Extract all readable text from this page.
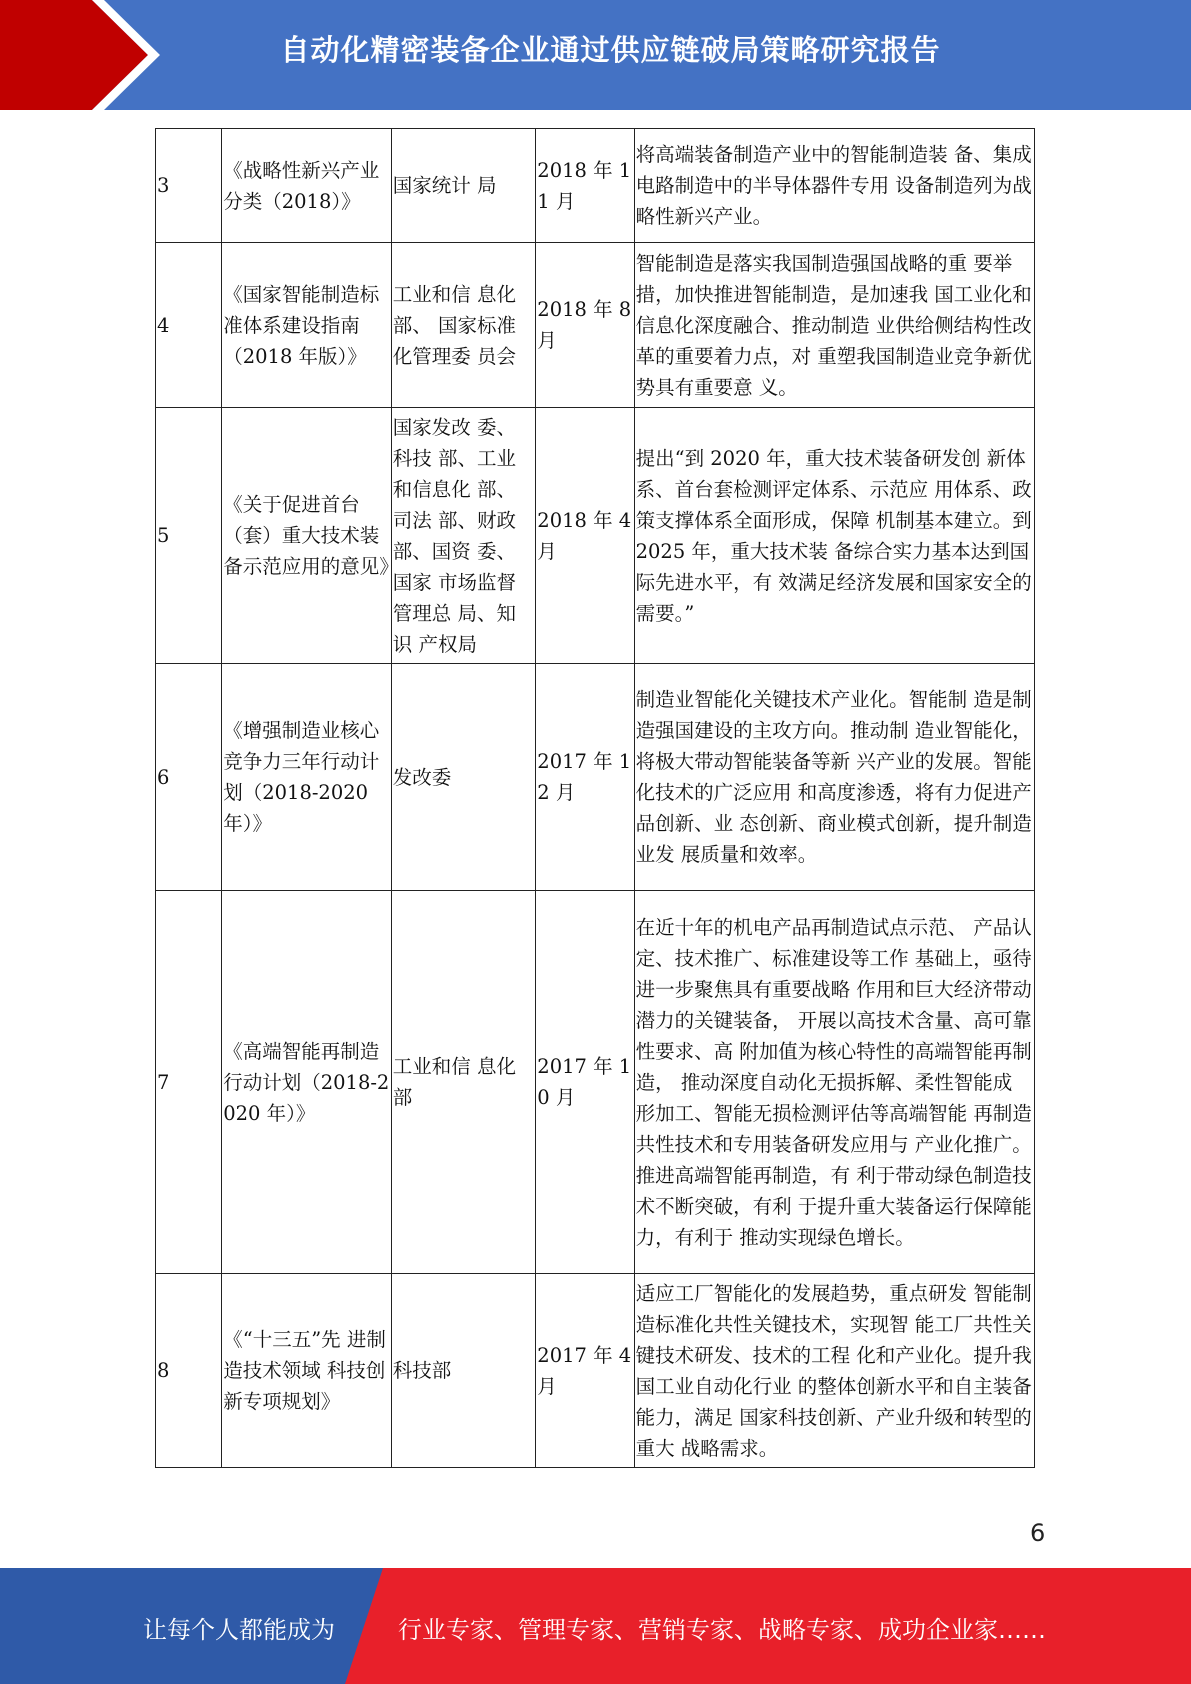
自动化精密装备企业通过供应链破局策略研究报告
3	《战略性新兴产业分类（2018）》	国家统计 局	2018 年 11 月	将高端装备制造产业中的智能制造装 备、集成电路制造中的半导体器件专用 设备制造列为战略性新兴产业。
4	《国家智能制造标准体系建设指南（2018 年版）》	工业和信 息化部、 国家标准化管理委 员会	2018 年 8 月	智能制造是落实我国制造强国战略的重 要举措，加快推进智能制造，是加速我 国工业化和信息化深度融合、推动制造 业供给侧结构性改革的重要着力点，对 重塑我国制造业竞争新优势具有重要意 义。
5	《关于促进首台（套）重大技术装备示范应用的意见》	国家发改 委、科技 部、工业和信息化 部、司法 部、财政部、国资 委、国家 市场监督管理总 局、知识 产权局	2018 年 4 月	提出“到 2020 年，重大技术装备研发创 新体系、首台套检测评定体系、示范应 用体系、政策支撑体系全面形成，保障 机制基本建立。到 2025 年，重大技术装 备综合实力基本达到国际先进水平，有 效满足经济发展和国家安全的需要。”
6	《增强制造业核心竞争力三年行动计划（2018-2020 年）》	发改委	2017 年 12 月	制造业智能化关键技术产业化。智能制 造是制造强国建设的主攻方向。推动制 造业智能化，将极大带动智能装备等新 兴产业的发展。智能化技术的广泛应用 和高度渗透，将有力促进产品创新、业 态创新、商业模式创新，提升制造业发 展质量和效率。
7	《高端智能再制造行动计划（2018-2020 年）》	工业和信 息化部	2017 年 10 月	在近十年的机电产品再制造试点示范、 产品认定、技术推广、标准建设等工作 基础上，亟待进一步聚焦具有重要战略 作用和巨大经济带动潜力的关键装备， 开展以高技术含量、高可靠性要求、高 附加值为核心特性的高端智能再制造， 推动深度自动化无损拆解、柔性智能成 形加工、智能无损检测评估等高端智能 再制造共性技术和专用装备研发应用与 产业化推广。推进高端智能再制造，有 利于带动绿色制造技术不断突破，有利 于提升重大装备运行保障能力，有利于 推动实现绿色增长。
8	《“十三五”先 进制造技术领域 科技创新专项规划》	科技部	2017 年 4 月	适应工厂智能化的发展趋势，重点研发 智能制造标准化共性关键技术，实现智 能工厂共性关键技术研发、技术的工程 化和产业化。提升我国工业自动化行业 的整体创新水平和自主装备能力，满足 国家科技创新、产业升级和转型的重大 战略需求。
6
让每个人都能成为	行业专家、管理专家、营销专家、战略专家、成功企业家……
